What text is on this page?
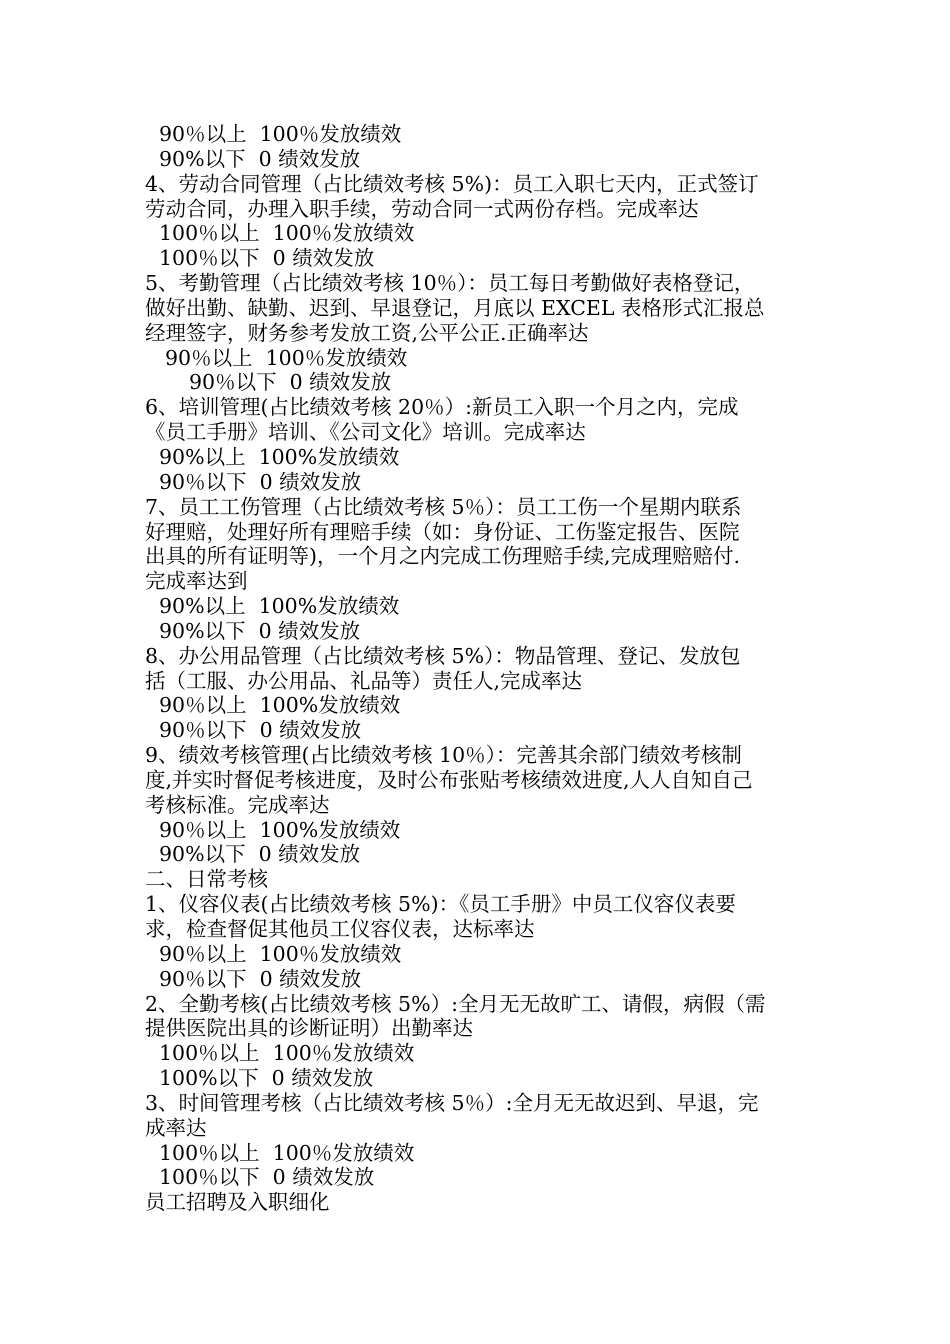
90％以上  100％发放绩效
90%以下  0 绩效发放
4、劳动合同管理（占比绩效考核 5%)：员工入职七天内，正式签订
劳动合同，办理入职手续，劳动合同一式两份存档。完成率达
100％以上  100％发放绩效
100％以下  0 绩效发放
5、考勤管理（占比绩效考核 10％）：员工每日考勤做好表格登记，
做好出勤、缺勤、迟到、早退登记，月底以 EXCEL 表格形式汇报总
经理签字，财务参考发放工资,公平公正.正确率达
90％以上  100％发放绩效
90％以下  0 绩效发放
6、培训管理(占比绩效考核 20％）:新员工入职一个月之内，完成
《员工手册》培训、《公司文化》培训。完成率达
90%以上  100%发放绩效
90％以下  0 绩效发放
7、员工工伤管理（占比绩效考核 5％）：员工工伤一个星期内联系
好理赔，处理好所有理赔手续（如：身份证、工伤鉴定报告、医院
出具的所有证明等)，一个月之内完成工伤理赔手续,完成理赔赔付.
完成率达到
90%以上  100%发放绩效
90%以下  0 绩效发放
8、办公用品管理（占比绩效考核 5%）：物品管理、登记、发放包
括（工服、办公用品、礼品等）责任人,完成率达
90％以上  100%发放绩效
90％以下  0 绩效发放
9、绩效考核管理(占比绩效考核 10％）：完善其余部门绩效考核制
度,并实时督促考核进度，及时公布张贴考核绩效进度,人人自知自己
考核标准。完成率达
90％以上  100%发放绩效
90%以下  0 绩效发放
二、日常考核
1、仪容仪表(占比绩效考核 5%)：《员工手册》中员工仪容仪表要
求，检查督促其他员工仪容仪表，达标率达
90％以上  100％发放绩效
90％以下  0 绩效发放
2、全勤考核(占比绩效考核 5%）:全月无无故旷工、请假，病假（需
提供医院出具的诊断证明）出勤率达
100％以上  100％发放绩效
100%以下  0 绩效发放
3、时间管理考核（占比绩效考核 5％）:全月无无故迟到、早退，完
成率达
100％以上  100％发放绩效
100％以下  0 绩效发放
员工招聘及入职细化
